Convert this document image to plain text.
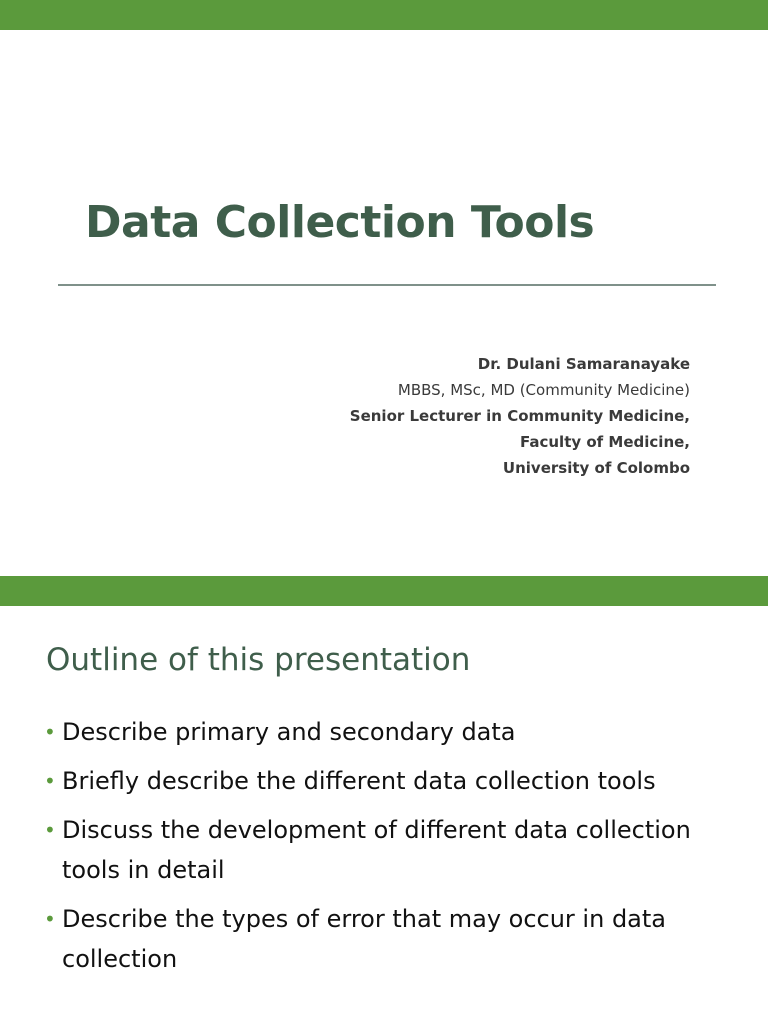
Data Collection Tools
Dr. Dulani Samaranayake
MBBS, MSc, MD (Community Medicine)
Senior Lecturer in Community Medicine,
Faculty of Medicine,
University of Colombo
Outline of this presentation
• Describe primary and secondary data
• Briefly describe the different data collection tools
• Discuss the development of different data collection tools in detail
• Describe the types of error that may occur in data collection
